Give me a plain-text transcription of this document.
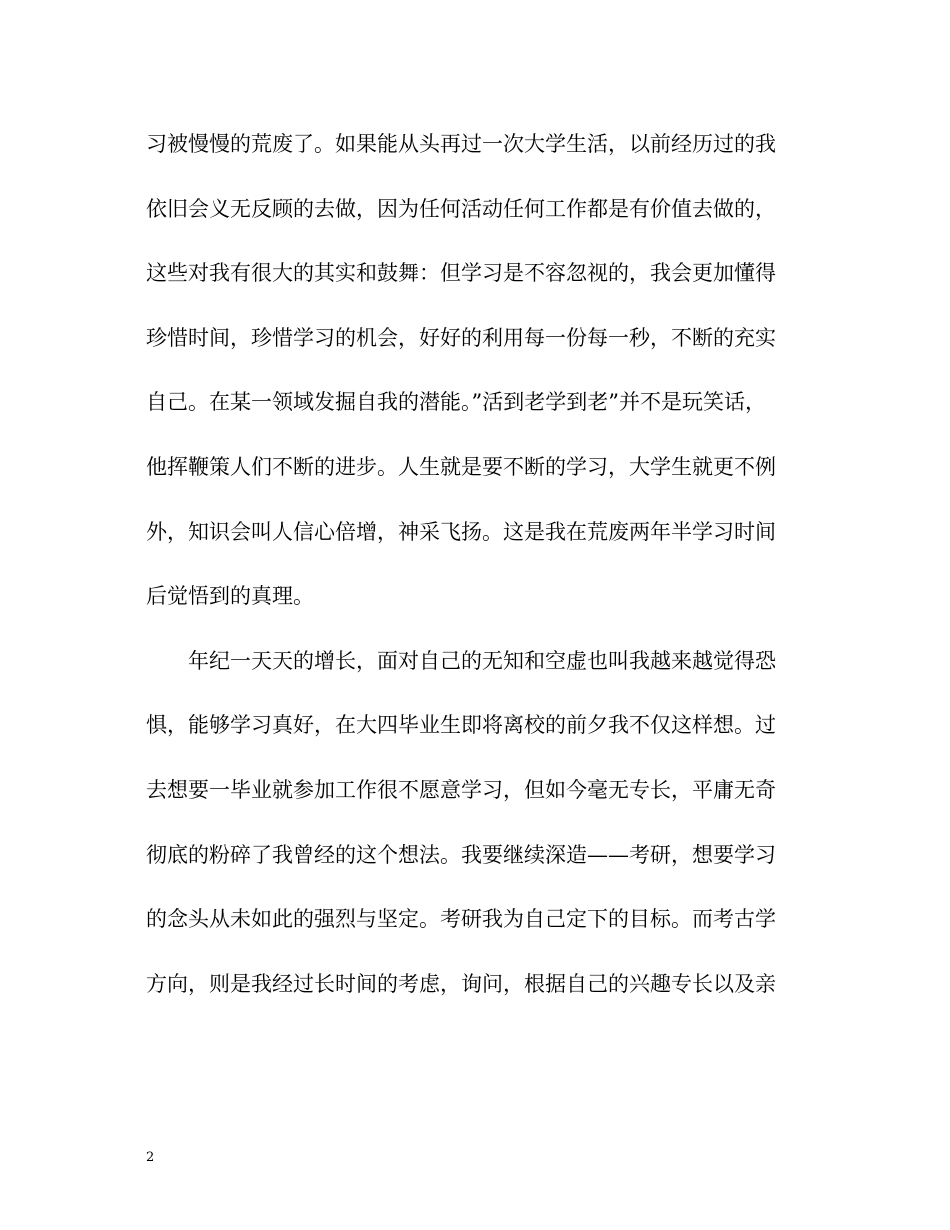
习被慢慢的荒废了。如果能从头再过一次大学生活，以前经历过的我
依旧会义无反顾的去做，因为任何活动任何工作都是有价值去做的，
这些对我有很大的其实和鼓舞：但学习是不容忽视的，我会更加懂得
珍惜时间，珍惜学习的机会，好好的利用每一份每一秒，不断的充实
自己。在某一领域发掘自我的潜能。”活到老学到老”并不是玩笑话，
他挥鞭策人们不断的进步。人生就是要不断的学习，大学生就更不例
外，知识会叫人信心倍增，神采飞扬。这是我在荒废两年半学习时间
后觉悟到的真理。
年纪一天天的增长，面对自己的无知和空虚也叫我越来越觉得恐
惧，能够学习真好，在大四毕业生即将离校的前夕我不仅这样想。过
去想要一毕业就参加工作很不愿意学习，但如今毫无专长，平庸无奇
彻底的粉碎了我曾经的这个想法。我要继续深造——考研，想要学习
的念头从未如此的强烈与坚定。考研我为自己定下的目标。而考古学
方向，则是我经过长时间的考虑，询问，根据自己的兴趣专长以及亲
2
